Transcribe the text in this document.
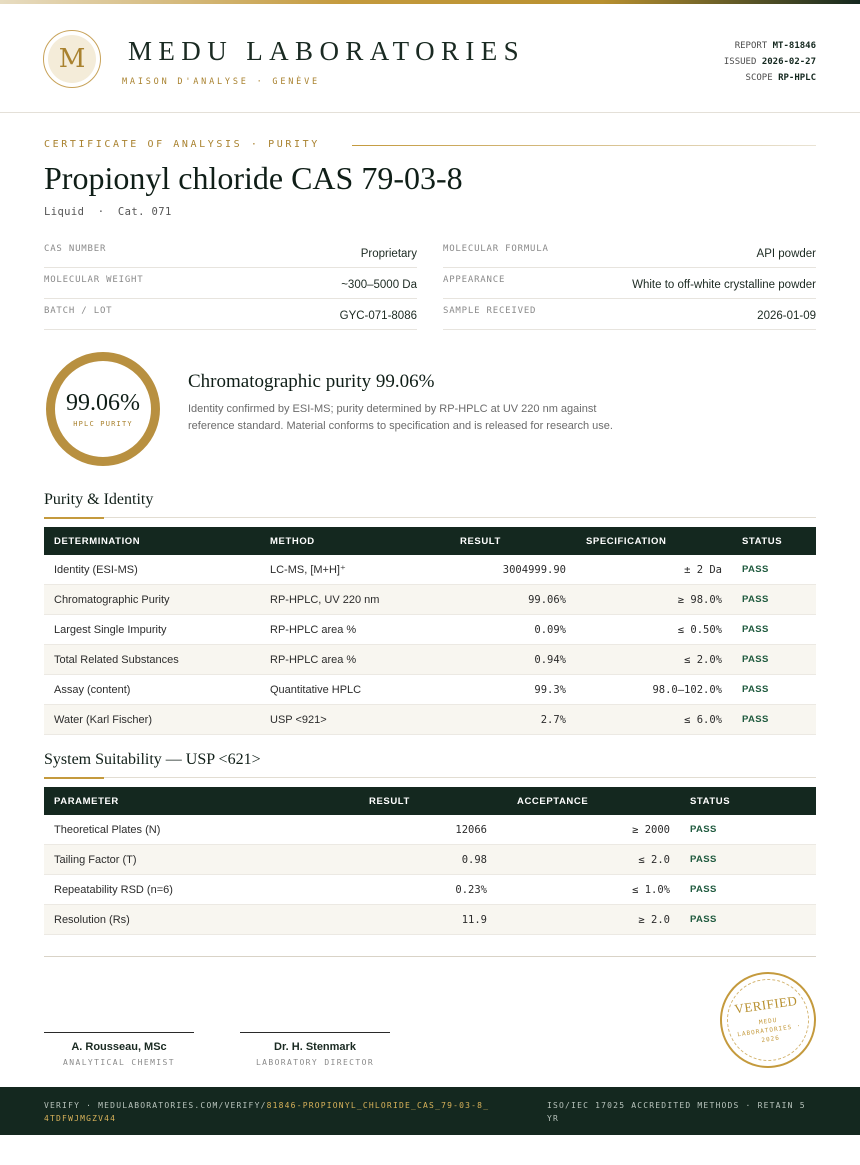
M	MEDU LABORATORIES
MAISON D'ANALYSE · GENÈVE
REPORT MT-81846
ISSUED 2026-02-27
SCOPE RP-HPLC
CERTIFICATE OF ANALYSIS · PURITY
Propionyl chloride CAS 79-03-8
Liquid  ·  Cat. 071
CAS NUMBER	Proprietary	MOLECULAR FORMULA	API powder
MOLECULAR WEIGHT	~300–5000 Da	APPEARANCE	White to off-white crystalline powder
BATCH / LOT	GYC-071-8086	SAMPLE RECEIVED	2026-01-09
99.06%
HPLC PURITY
Chromatographic purity 99.06%
Identity confirmed by ESI-MS; purity determined by RP-HPLC at UV 220 nm against reference standard. Material conforms to specification and is released for research use.
Purity & Identity
DETERMINATION	METHOD	RESULT	SPECIFICATION	STATUS
Identity (ESI-MS)	LC-MS, [M+H]⁺	3004999.90	± 2 Da	PASS
Chromatographic Purity	RP-HPLC, UV 220 nm	99.06%	≥ 98.0%	PASS
Largest Single Impurity	RP-HPLC area %	0.09%	≤ 0.50%	PASS
Total Related Substances	RP-HPLC area %	0.94%	≤ 2.0%	PASS
Assay (content)	Quantitative HPLC	99.3%	98.0–102.0%	PASS
Water (Karl Fischer)	USP <921>	2.7%	≤ 6.0%	PASS
System Suitability — USP <621>
PARAMETER	RESULT	ACCEPTANCE	STATUS
Theoretical Plates (N)	12066	≥ 2000	PASS
Tailing Factor (T)	0.98	≤ 2.0	PASS
Repeatability RSD (n=6)	0.23%	≤ 1.0%	PASS
Resolution (Rs)	11.9	≥ 2.0	PASS
A. Rousseau, MSc
ANALYTICAL CHEMIST
Dr. H. Stenmark
LABORATORY DIRECTOR
VERIFIED
MEDU LABORATORIES · 2026
VERIFY · MEDULABORATORIES.COM/VERIFY/81846-PROPIONYL_CHLORIDE_CAS_79-03-8_4TDFWJMGZV44
ISO/IEC 17025 ACCREDITED METHODS · RETAIN 5 YR
